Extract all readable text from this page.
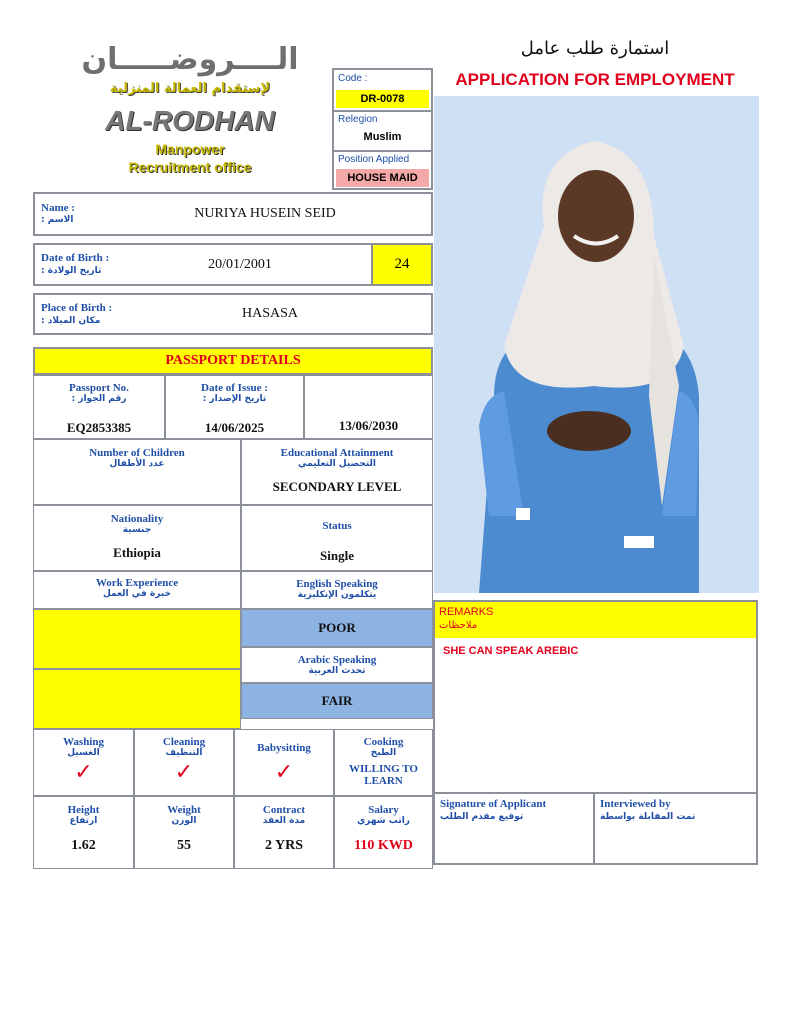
الــــروضـــــان
لإستقدام العمالة المنزلية
AL-RODHAN
Manpower
Recruitment office
Code :
DR-0078
Relegion
Muslim
Position Applied
HOUSE MAID
استمارة طلب عامل
APPLICATION FOR EMPLOYMENT
Name :
الاسم :	NURIYA HUSEIN SEID
Date of Birth :
تاريخ الولادة :	20/01/2001	24
Place of Birth :
مكان الميلاد :	HASASA
PASSPORT DETAILS
Passport No.
رقم الجواز :
EQ2853385
Date of Issue :
تاريخ الإصدار :
14/06/2025	13/06/2030
Number of Children
عدد الأطفال
Educational Attainment
التحصيل التعليمي
SECONDARY LEVEL
Nationality
جنسية
Ethiopia
Status
Single
Work Experience
خبرة في العمل
English Speaking
يتكلمون الإنكليزية
POOR
Arabic Speaking
تحدث العربية
FAIR
Washing
الغسيل
✓
Cleaning
التنظيف
✓
Babysitting
✓
Cooking
الطبخ
WILLING TO
LEARN
Height
ارتفاع
1.62
Weight
الوزن
55
Contract
مدة العقد
2 YRS
Salary
راتب شهري
110 KWD
REMARKS
ملاحظات
SHE CAN SPEAK AREBIC
Signature of Applicant
توقيع مقدم الطلب
Interviewed by
تمت المقابلة بواسطة
